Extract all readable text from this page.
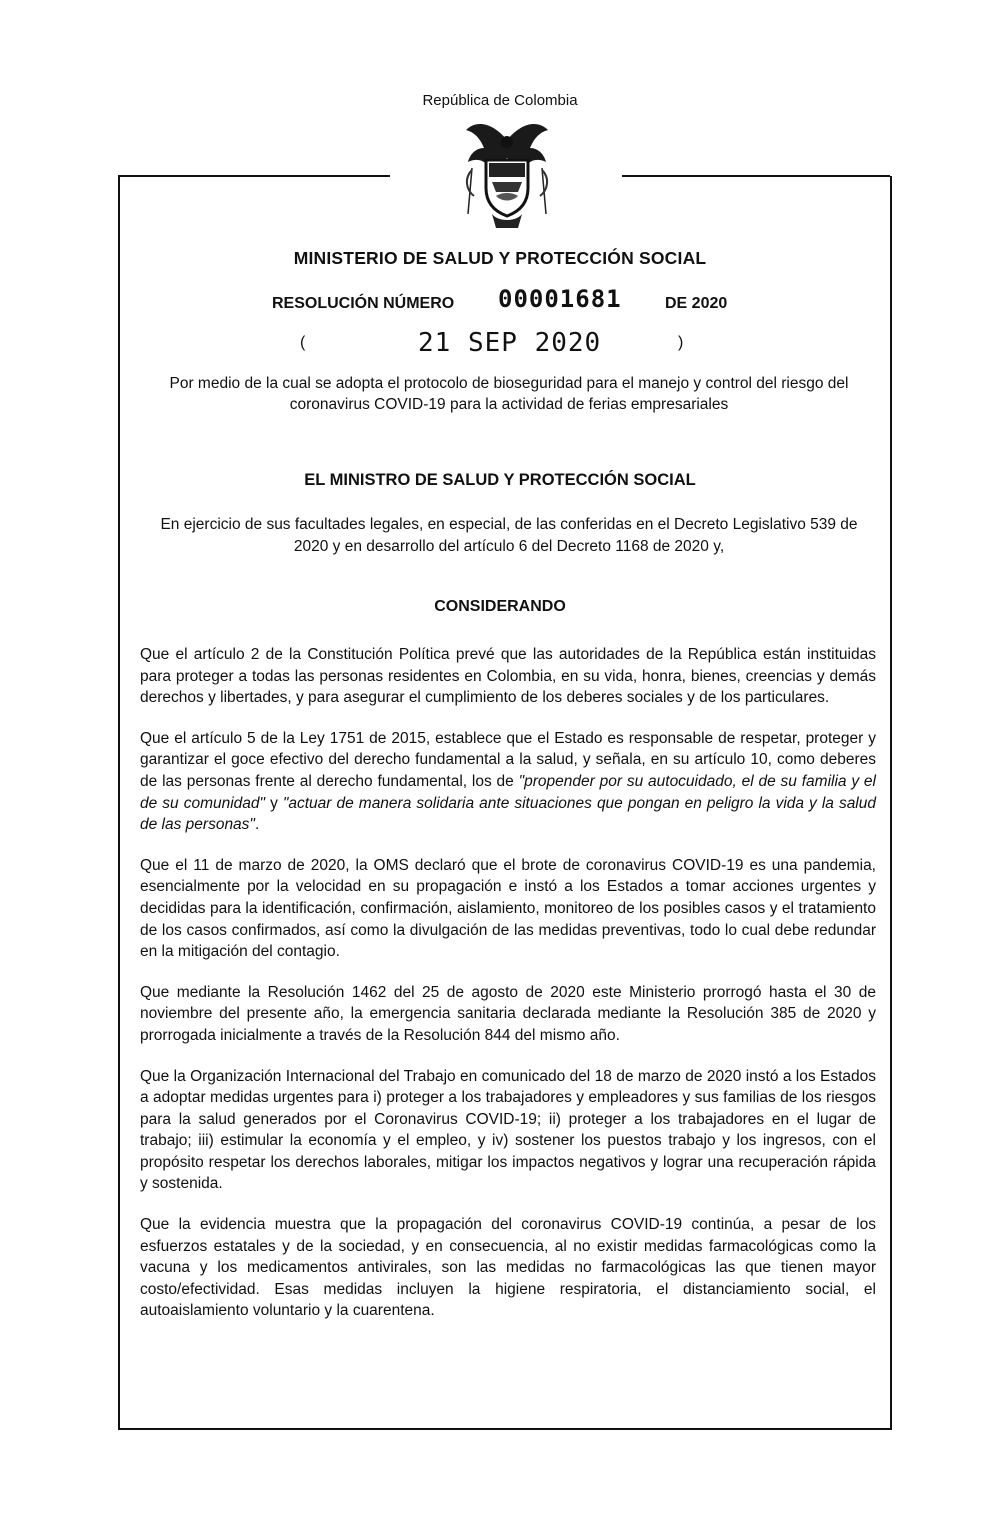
República de Colombia
MINISTERIO DE SALUD Y PROTECCIÓN SOCIAL
RESOLUCIÓN NÚMERO 00001681	DE 2020
(	21 SEP 2020	)
Por medio de la cual se adopta el protocolo de bioseguridad para el manejo y control del riesgo del coronavirus COVID-19 para la actividad de ferias empresariales
EL MINISTRO DE SALUD Y PROTECCIÓN SOCIAL
En ejercicio de sus facultades legales, en especial, de las conferidas en el Decreto Legislativo 539 de 2020 y en desarrollo del artículo 6 del Decreto 1168 de 2020 y,
CONSIDERANDO

Que el artículo 2 de la Constitución Política prevé que las autoridades de la República están instituidas para proteger a todas las personas residentes en Colombia, en su vida, honra, bienes, creencias y demás derechos y libertades, y para asegurar el cumplimiento de los deberes sociales y de los particulares.

Que el artículo 5 de la Ley 1751 de 2015, establece que el Estado es responsable de respetar, proteger y garantizar el goce efectivo del derecho fundamental a la salud, y señala, en su artículo 10, como deberes de las personas frente al derecho fundamental, los de "propender por su autocuidado, el de su familia y el de su comunidad" y "actuar de manera solidaria ante situaciones que pongan en peligro la vida y la salud de las personas".

Que el 11 de marzo de 2020, la OMS declaró que el brote de coronavirus COVID-19 es una pandemia, esencialmente por la velocidad en su propagación e instó a los Estados a tomar acciones urgentes y decididas para la identificación, confirmación, aislamiento, monitoreo de los posibles casos y el tratamiento de los casos confirmados, así como la divulgación de las medidas preventivas, todo lo cual debe redundar en la mitigación del contagio.

Que mediante la Resolución 1462 del 25 de agosto de 2020 este Ministerio prorrogó hasta el 30 de noviembre del presente año, la emergencia sanitaria declarada mediante la Resolución 385 de 2020 y prorrogada inicialmente a través de la Resolución 844 del mismo año.

Que la Organización Internacional del Trabajo en comunicado del 18 de marzo de 2020 instó a los Estados a adoptar medidas urgentes para i) proteger a los trabajadores y empleadores y sus familias de los riesgos para la salud generados por el Coronavirus COVID-19; ii) proteger a los trabajadores en el lugar de trabajo; iii) estimular la economía y el empleo, y iv) sostener los puestos trabajo y los ingresos, con el propósito respetar los derechos laborales, mitigar los impactos negativos y lograr una recuperación rápida y sostenida.

Que la evidencia muestra que la propagación del coronavirus COVID-19 continúa, a pesar de los esfuerzos estatales y de la sociedad, y en consecuencia, al no existir medidas farmacológicas como la vacuna y los medicamentos antivirales, son las medidas no farmacológicas las que tienen mayor costo/efectividad. Esas medidas incluyen la higiene respiratoria, el distanciamiento social, el autoaislamiento voluntario y la cuarentena.
